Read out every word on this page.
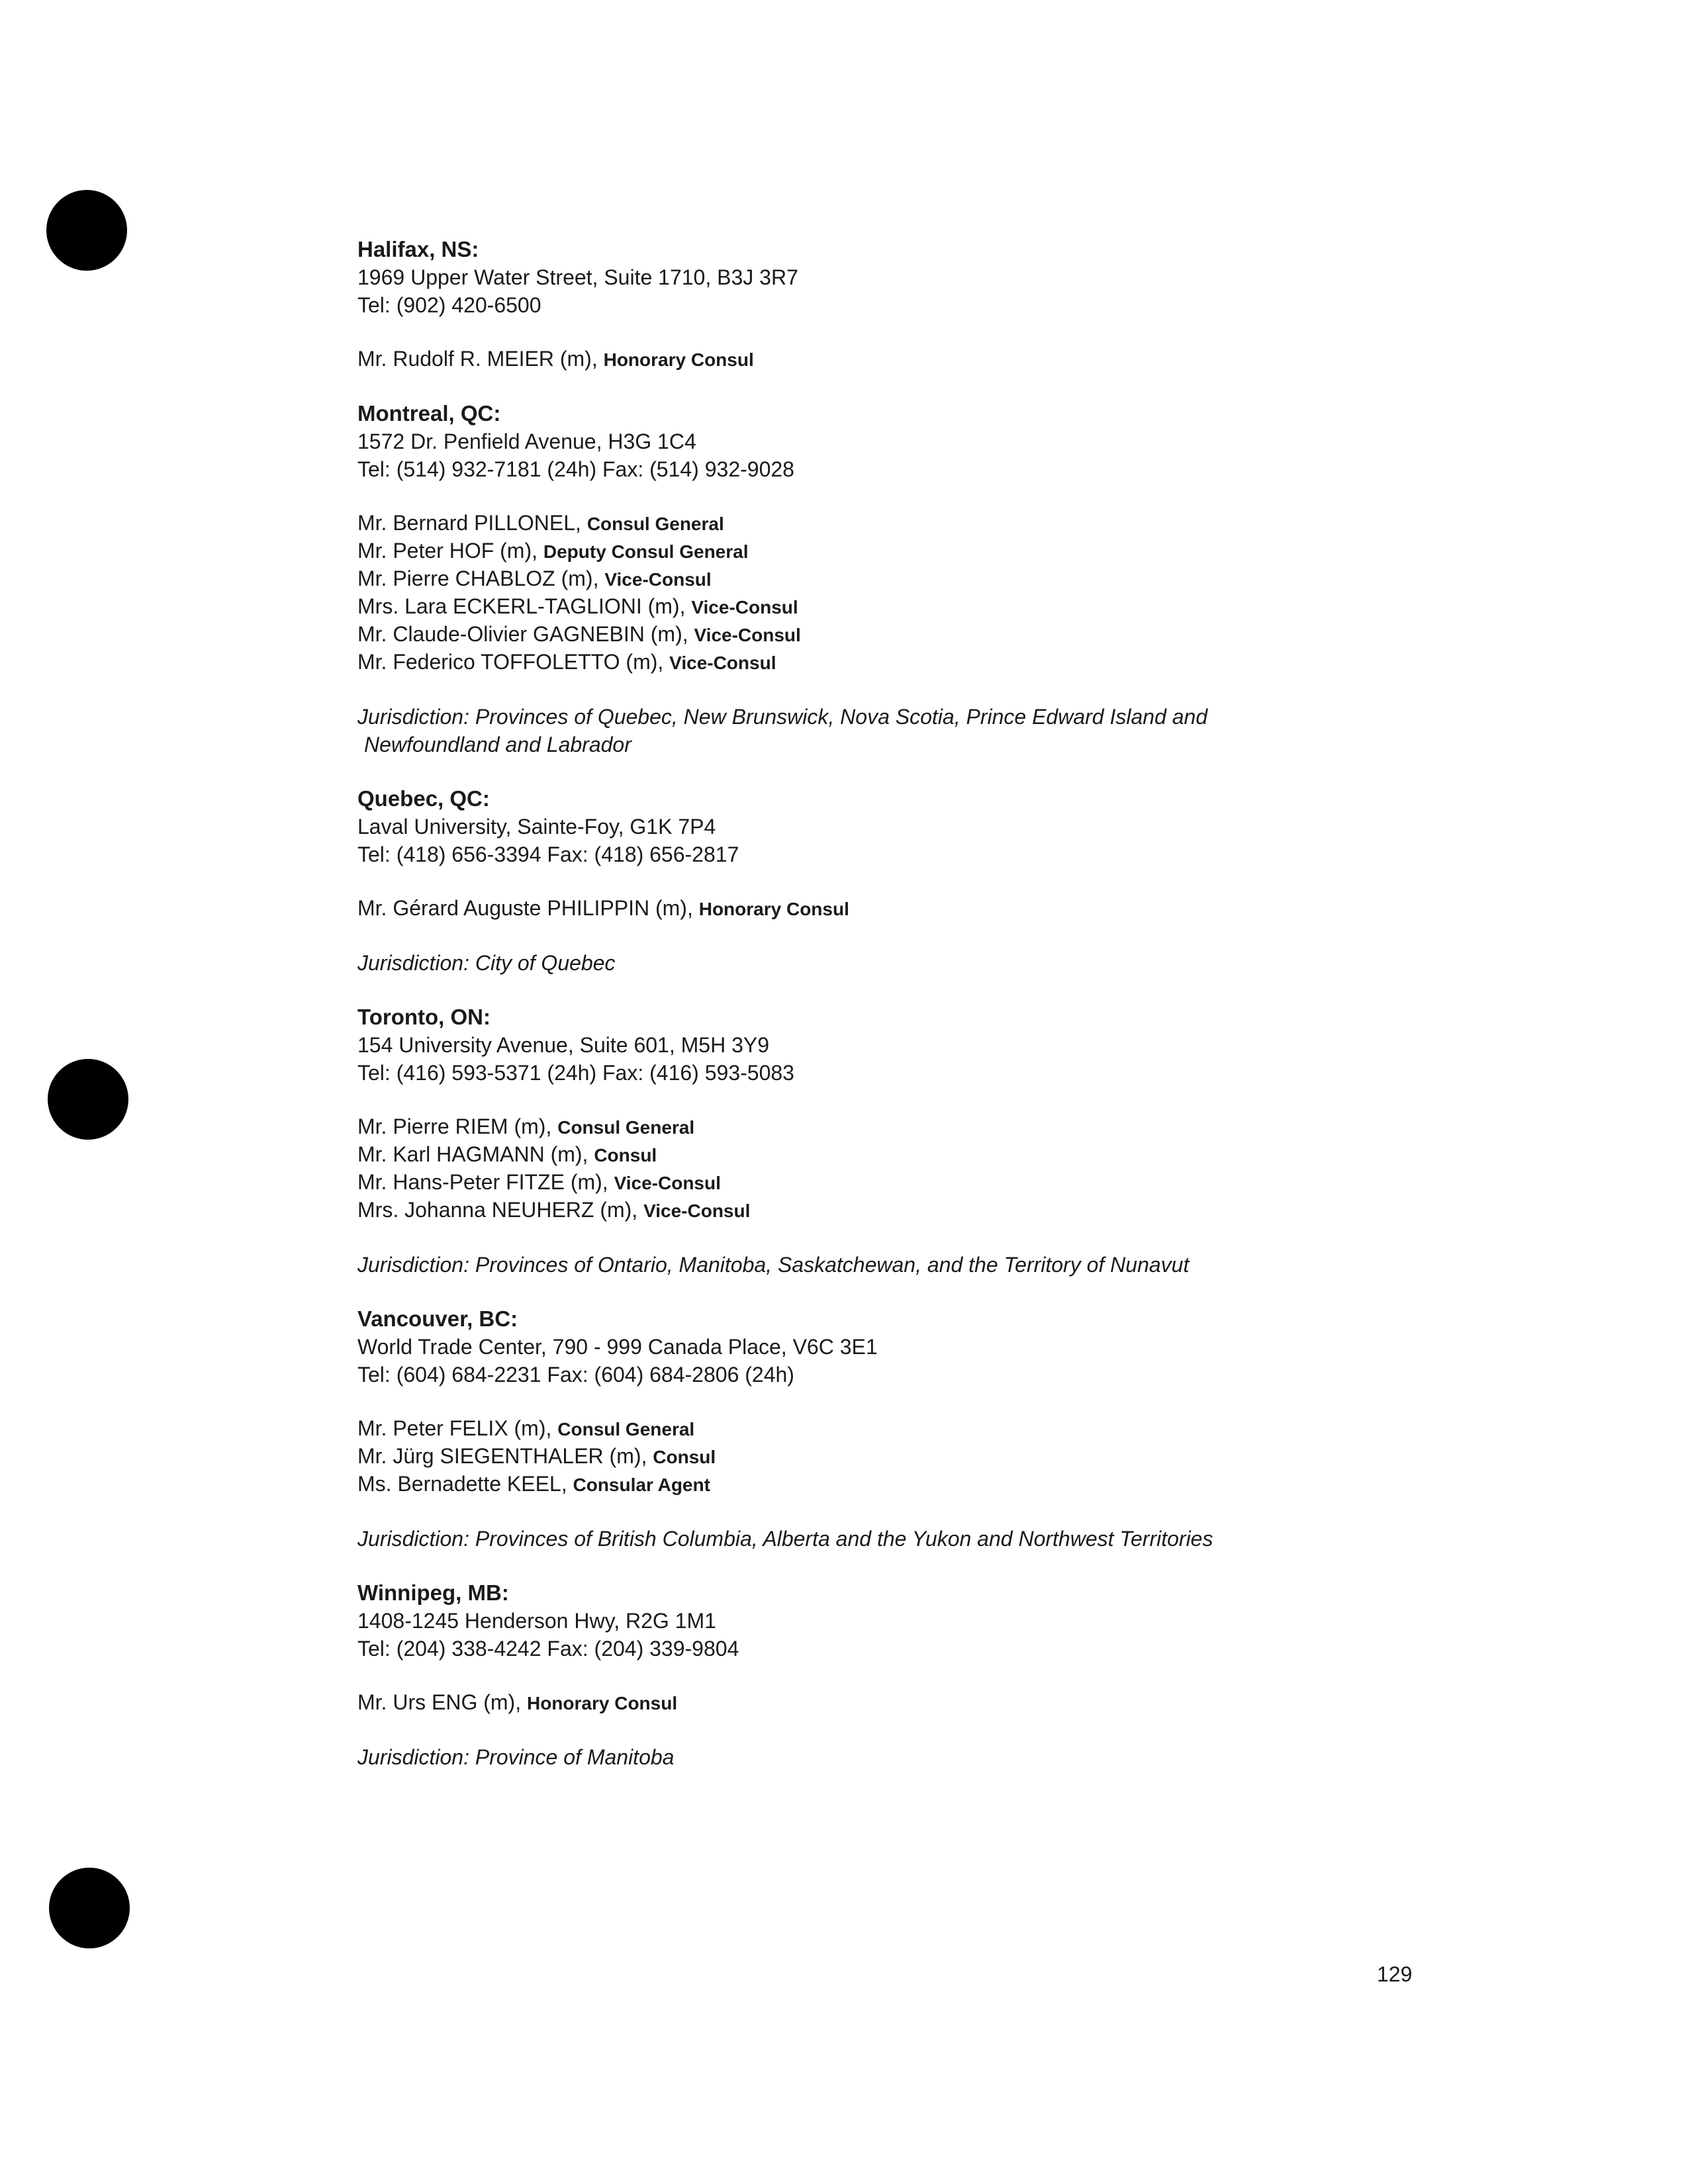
Halifax, NS:

1969 Upper Water Street, Suite 1710, B3J 3R7

Tel: (902) 420-6500

Mr. Rudolf R. MEIER (m), Honorary Consul

Montreal, QC:

1572 Dr. Penfield Avenue, H3G 1C4

Tel: (514) 932-7181 (24h) Fax: (514) 932-9028

Mr. Bernard PILLONEL, Consul General

Mr. Peter HOF (m), Deputy Consul General

Mr. Pierre CHABLOZ (m), Vice-Consul

Mrs. Lara ECKERL-TAGLIONI (m), Vice-Consul

Mr. Claude-Olivier GAGNEBIN (m), Vice-Consul

Mr. Federico TOFFOLETTO (m), Vice-Consul

Jurisdiction: Provinces of Quebec, New Brunswick, Nova Scotia, Prince Edward Island and

Newfoundland and Labrador

Quebec, QC:

Laval University, Sainte-Foy, G1K 7P4

Tel: (418) 656-3394 Fax: (418) 656-2817

Mr. Gérard Auguste PHILIPPIN (m), Honorary Consul

Jurisdiction: City of Quebec

Toronto, ON:

154 University Avenue, Suite 601, M5H 3Y9

Tel: (416) 593-5371 (24h) Fax: (416) 593-5083

Mr. Pierre RIEM (m), Consul General

Mr. Karl HAGMANN (m), Consul

Mr. Hans-Peter FITZE (m), Vice-Consul

Mrs. Johanna NEUHERZ (m), Vice-Consul

Jurisdiction: Provinces of Ontario, Manitoba, Saskatchewan, and the Territory of Nunavut

Vancouver, BC:

World Trade Center, 790 - 999 Canada Place, V6C 3E1

Tel: (604) 684-2231 Fax: (604) 684-2806 (24h)

Mr. Peter FELIX (m), Consul General

Mr. Jürg SIEGENTHALER (m), Consul

Ms. Bernadette KEEL, Consular Agent

Jurisdiction: Provinces of British Columbia, Alberta and the Yukon and Northwest Territories

Winnipeg, MB:

1408-1245 Henderson Hwy, R2G 1M1

Tel: (204) 338-4242 Fax: (204) 339-9804

Mr. Urs ENG (m), Honorary Consul

Jurisdiction: Province of Manitoba

129
